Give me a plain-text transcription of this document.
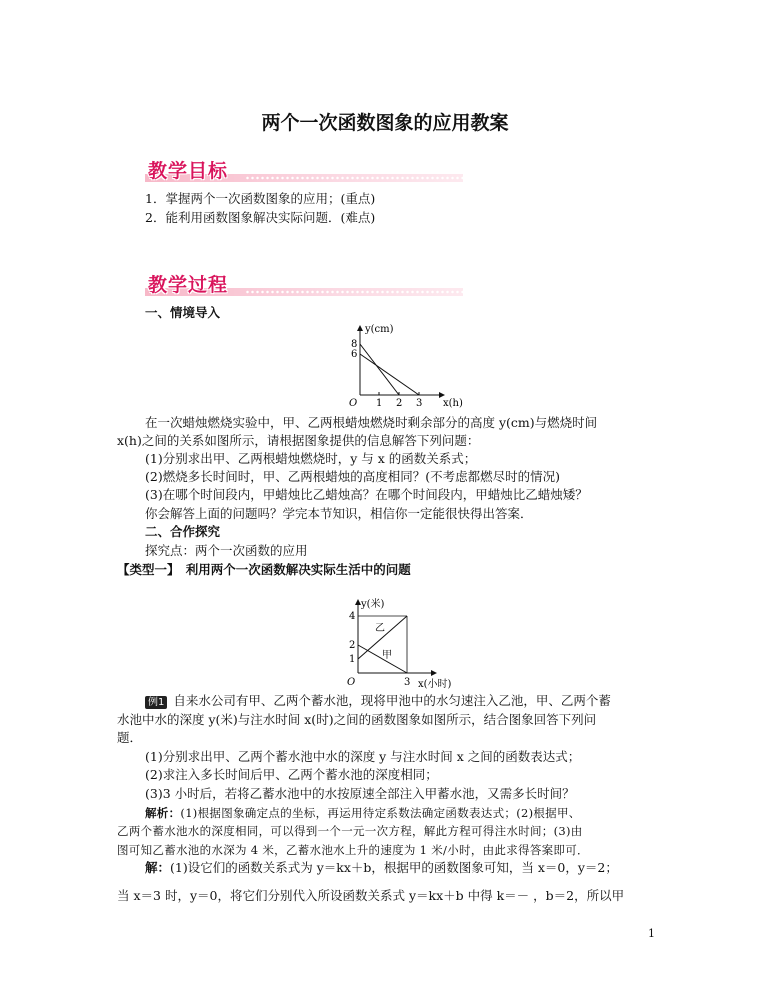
两个一次函数图象的应用教案
教学目标
1．掌握两个一次函数图象的应用；(重点)
2．能利用函数图象解决实际问题．(难点)
教学过程
一、情境导入
y(cm)
x(h)
O
8
6
1 2 3
在一次蜡烛燃烧实验中，甲、乙两根蜡烛燃烧时剩余部分的高度 y(cm)与燃烧时间
x(h)之间的关系如图所示，请根据图象提供的信息解答下列问题：
(1)分别求出甲、乙两根蜡烛燃烧时，y 与 x 的函数关系式；
(2)燃烧多长时间时，甲、乙两根蜡烛的高度相同？(不考虑都燃尽时的情况)
(3)在哪个时间段内，甲蜡烛比乙蜡烛高？在哪个时间段内，甲蜡烛比乙蜡烛矮？
你会解答上面的问题吗？学完本节知识，相信你一定能很快得出答案．
二、合作探究
探究点：两个一次函数的应用
【类型一】　利用两个一次函数解决实际生活中的问题
y(米)
x(小时)
O
4
2
1
3
乙
甲
例1 自来水公司有甲、乙两个蓄水池，现将甲池中的水匀速注入乙池，甲、乙两个蓄
水池中水的深度 y(米)与注水时间 x(时)之间的函数图象如图所示，结合图象回答下列问
题．
(1)分别求出甲、乙两个蓄水池中水的深度 y 与注水时间 x 之间的函数表达式；
(2)求注入多长时间后甲、乙两个蓄水池的深度相同；
(3)3 小时后，若将乙蓄水池中的水按原速全部注入甲蓄水池，又需多长时间？
解析：(1)根据图象确定点的坐标，再运用待定系数法确定函数表达式；(2)根据甲、
乙两个蓄水池水的深度相同，可以得到一个一元一次方程，解此方程可得注水时间；(3)由
图可知乙蓄水池的水深为 4 米，乙蓄水池水上升的速度为 1 米/小时，由此求得答案即可．
解：(1)设它们的函数关系式为 y＝kx＋b，根据甲的函数图象可知，当 x＝0，y＝2；
当 x＝3 时，y＝0，将它们分别代入所设函数关系式 y＝kx＋b 中得 k＝－ ，b＝2，所以甲
1
